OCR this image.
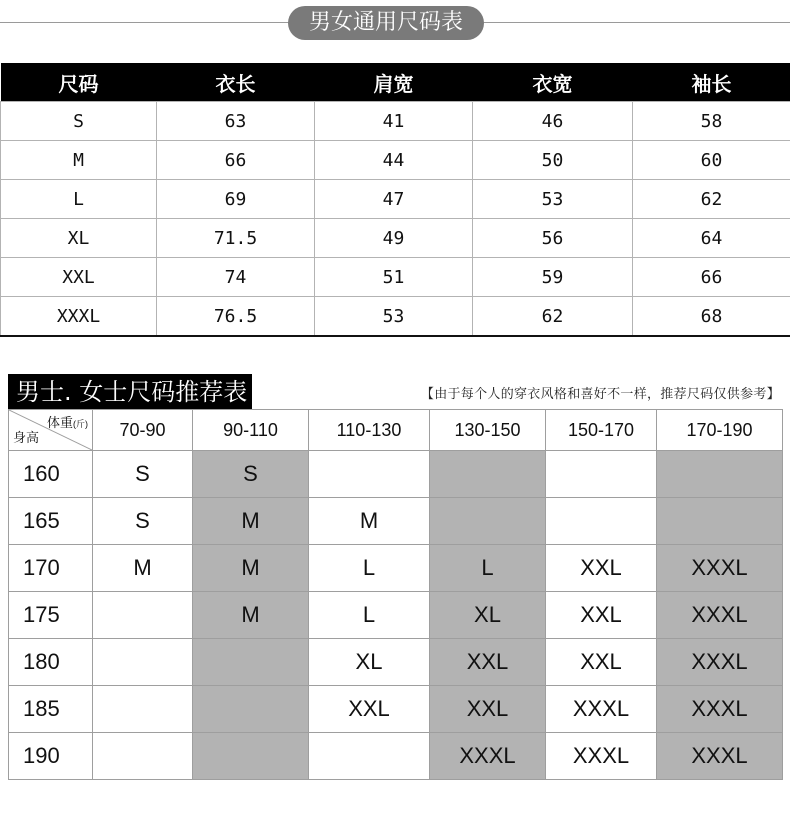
男女通用尺码表
尺码	衣长	肩宽	衣宽	袖长
S	63	41	46	58
M	66	44	50	60
L	69	47	53	62
XL	71.5	49	56	64
XXL	74	51	59	66
XXXL	76.5	53	62	68
男士. 女士尺码推荐表	【由于每个人的穿衣风格和喜好不一样，推荐尺码仅供参考】
体重(斤)
身高	70-90	90-110	110-130	130-150	150-170	170-190
160	S	S				
165	S	M	M			
170	M	M	L	L	XXL	XXXL
175		M	L	XL	XXL	XXXL
180			XL	XXL	XXL	XXXL
185			XXL	XXL	XXXL	XXXL
190				XXXL	XXXL	XXXL
